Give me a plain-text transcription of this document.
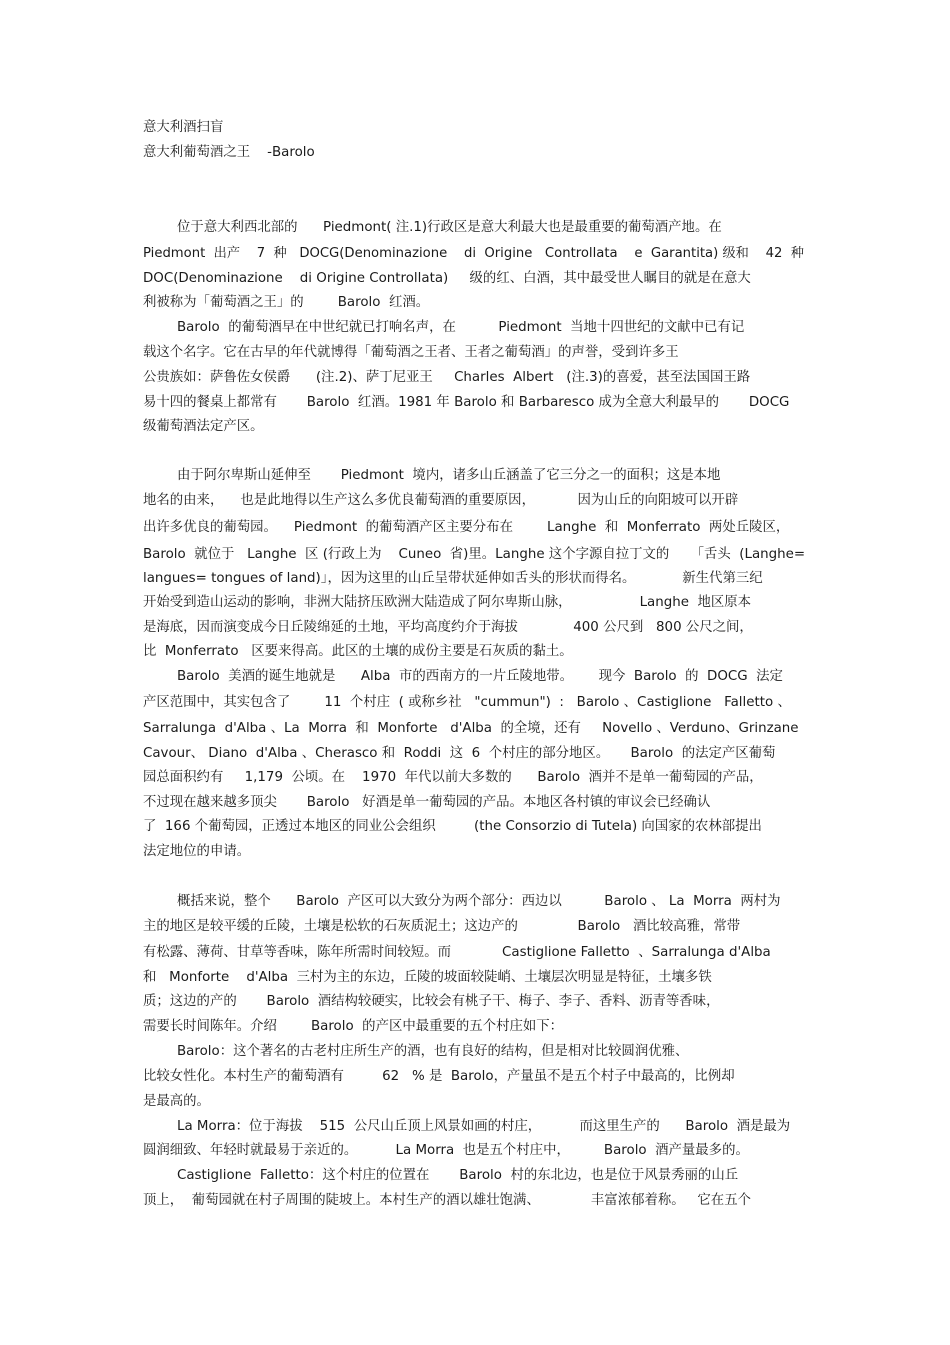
意大利酒扫盲

意大利葡萄酒之王    -Barolo

位于意大利西北部的      Piedmont( 注.1)行政区是意大利最大也是最重要的葡萄酒产地。在

Piedmont  出产    7  种   DOCG(Denominazione    di  Origine   Controllata    e  Garantita) 级和    42  种

DOC(Denominazione    di Origine Controllata)     级的红、白酒，其中最受世人瞩目的就是在意大

利被称为「葡萄酒之王」的        Barolo  红酒。

Barolo  的葡萄酒早在中世纪就已打响名声，在          Piedmont  当地十四世纪的文献中已有记

载这个名字。它在古早的年代就博得「葡萄酒之王者、王者之葡萄酒」的声誉，受到许多王

公贵族如：萨鲁佐女侯爵      (注.2)、萨丁尼亚王     Charles  Albert   (注.3)的喜爱，甚至法国国王路

易十四的餐桌上都常有       Barolo  红酒。1981 年 Barolo 和 Barbaresco 成为全意大利最早的       DOCG

级葡萄酒法定产区。

由于阿尔卑斯山延伸至       Piedmont  境内，诸多山丘涵盖了它三分之一的面积；这是本地

地名的由来，    也是此地得以生产这么多优良葡萄酒的重要原因，          因为山丘的向阳坡可以开辟

出许多优良的葡萄园。    Piedmont  的葡萄酒产区主要分布在        Langhe  和  Monferrato  两处丘陵区，

Barolo  就位于   Langhe  区 (行政上为    Cuneo  省)里。Langhe 这个字源自拉丁文的     「舌头  (Langhe=

langues= tongues of land)」，因为这里的山丘呈带状延伸如舌头的形状而得名。           新生代第三纪

开始受到造山运动的影响，非洲大陆挤压欧洲大陆造成了阿尔卑斯山脉，                Langhe  地区原本

是海底，因而演变成今日丘陵绵延的土地，平均高度约介于海拔             400 公尺到   800 公尺之间，

比  Monferrato   区要来得高。此区的土壤的成份主要是石灰质的黏土。

Barolo  美酒的诞生地就是      Alba  市的西南方的一片丘陵地带。      现今  Barolo  的  DOCG  法定

产区范围中，其实包含了        11  个村庄  ( 或称乡社   "cummun")  :   Barolo 、Castiglione   Falletto 、

Sarralunga  d'Alba 、La  Morra  和  Monforte   d'Alba  的全境，还有     Novello 、Verduno、Grinzane

Cavour、 Diano  d'Alba 、Cherasco 和  Roddi  这  6  个村庄的部分地区。     Barolo  的法定产区葡萄

园总面积约有     1,179  公顷。在    1970  年代以前大多数的      Barolo  酒并不是单一葡萄园的产品，

不过现在越来越多顶尖       Barolo   好酒是单一葡萄园的产品。本地区各村镇的审议会已经确认

了  166 个葡萄园，正透过本地区的同业公会组织         (the Consorzio di Tutela) 向国家的农林部提出

法定地位的申请。

概括来说，整个      Barolo  产区可以大致分为两个部分：西边以          Barolo 、 La  Morra  两村为

主的地区是较平缓的丘陵，土壤是松软的石灰质泥土；这边产的              Barolo   酒比较高雅，常带

有松露、薄荷、甘草等香味，陈年所需时间较短。而            Castiglione Falletto  、Sarralunga d'Alba

和   Monforte    d'Alba  三村为主的东边，丘陵的坡面较陡峭、土壤层次明显是特征，土壤多铁

质；这边的产的       Barolo  酒结构较硬实，比较会有桃子干、梅子、李子、香料、沥青等香味，

需要长时间陈年。介绍        Barolo  的产区中最重要的五个村庄如下：

Barolo：这个著名的古老村庄所生产的酒，也有良好的结构，但是相对比较圆润优雅、

比较女性化。本村生产的葡萄酒有         62   % 是  Barolo，产量虽不是五个村子中最高的，比例却

是最高的。

La Morra：位于海拔    515  公尺山丘顶上风景如画的村庄，         而这里生产的      Barolo  酒是最为

圆润细致、年轻时就最易于亲近的。         La Morra  也是五个村庄中，        Barolo  酒产量最多的。

Castiglione  Falletto：这个村庄的位置在       Barolo  村的东北边，也是位于风景秀丽的山丘

顶上，  葡萄园就在村子周围的陡坡上。本村生产的酒以雄壮饱满、            丰富浓郁着称。   它在五个
